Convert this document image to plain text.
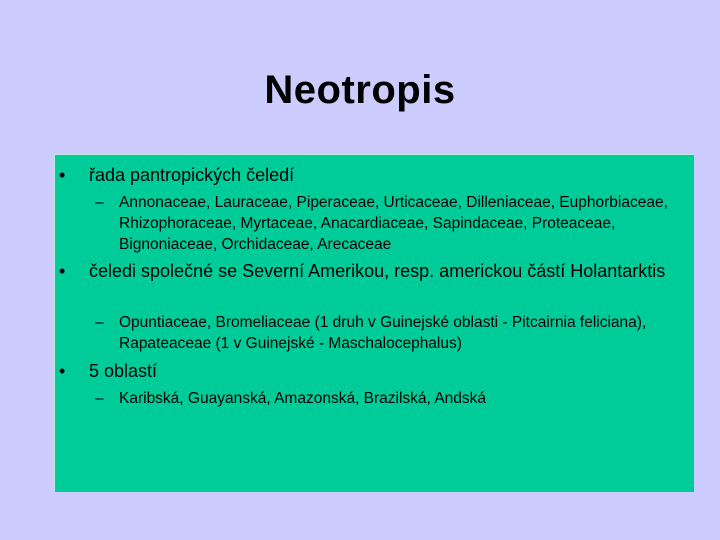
Neotropis
• řada pantropických čeledí
– Annonaceae, Lauraceae, Piperaceae, Urticaceae, Dilleniaceae, Euphorbiaceae, Rhizophoraceae, Myrtaceae, Anacardiaceae, Sapindaceae, Proteaceae, Bignoniaceae, Orchidaceae, Arecaceae
• čeledi společné se Severní Amerikou, resp. americkou částí Holantarktis
– Opuntiaceae, Bromeliaceae (1 druh v Guinejské oblasti - Pitcairnia feliciana), Rapateaceae (1 v Guinejské - Maschalocephalus)
• 5 oblastí
– Karibská, Guayanská, Amazonská, Brazilská, Andská
